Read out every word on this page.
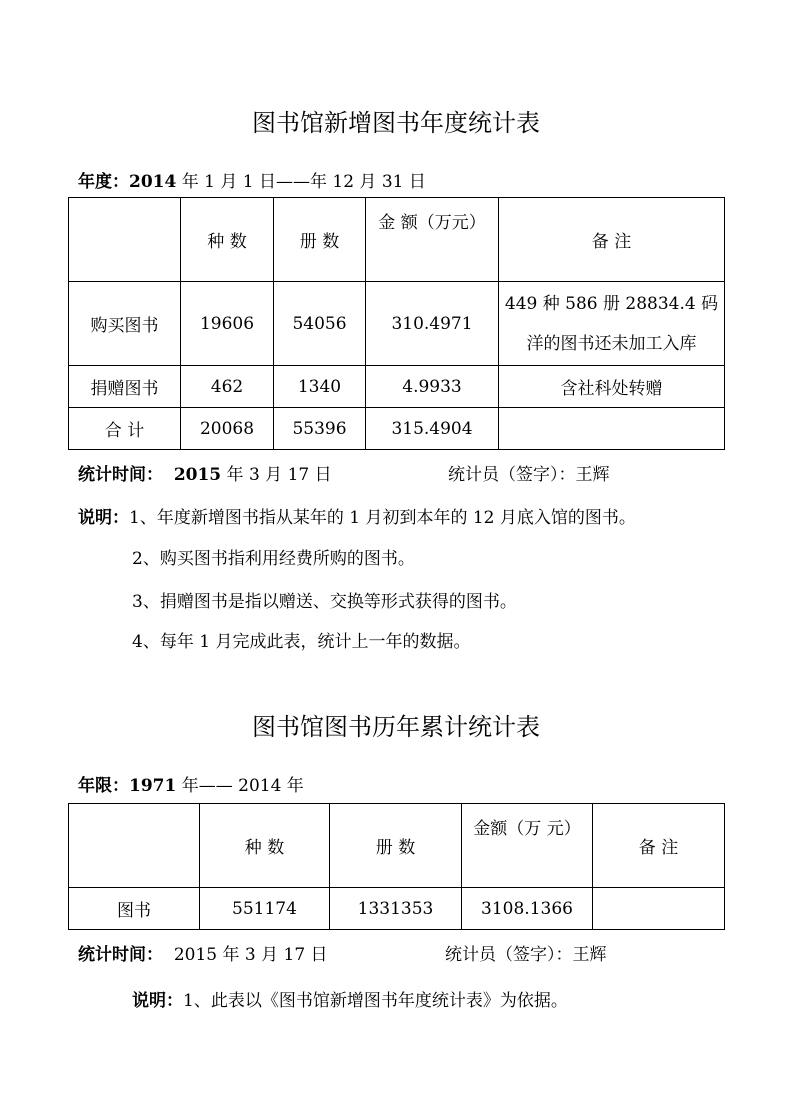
图书馆新增图书年度统计表
年度：2014 年 1 月 1 日——年 12 月 31 日
	种 数	册 数	金 额（万元）	备 注
购买图书	19606	54056	310.4971	449 种 586 册 28834.4 码
洋的图书还未加工入库

捐赠图书	462	1340	4.9933	含社科处转赠
合 计	20068	55396	315.4904	
统计时间： 2015 年 3 月 17 日	统计员（签字）：王辉
说明：1、年度新增图书指从某年的 1 月初到本年的 12 月底入馆的图书。
2、购买图书指利用经费所购的图书。
3、捐赠图书是指以赠送、交换等形式获得的图书。
4、每年 1 月完成此表，统计上一年的数据。
图书馆图书历年累计统计表
年限：1971 年—— 2014 年
	种 数	册 数	金额（万 元）	备 注
图书	551174	1331353	3108.1366	
统计时间： 2015 年 3 月 17 日	统计员（签字）：王辉
说明：1、此表以《图书馆新增图书年度统计表》为依据。
